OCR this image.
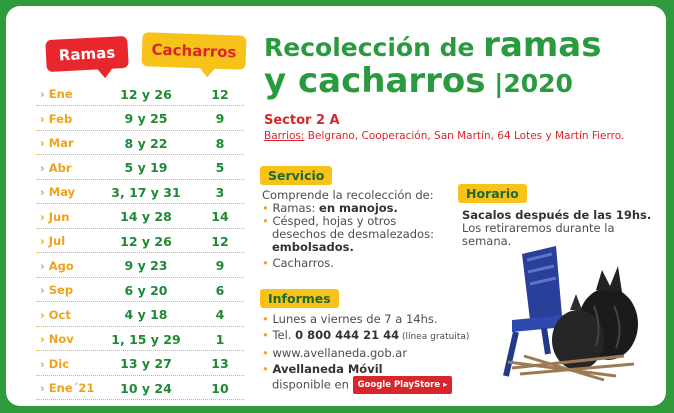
Ramas Cacharros
› Ene	12 y 26	12
› Feb	9 y 25	9
› Mar	8 y 22	8
› Abr	5 y 19	5
› May	3, 17 y 31	3
› Jun	14 y 28	14
› Jul	12 y 26	12
› Ago	9 y 23	9
› Sep	6 y 20	6
› Oct	4 y 18	4
› Nov	1, 15 y 29	1
› Dic	13 y 27	13
› Ene´21	10 y 24	10
Recolección de ramas
y cacharros |2020
Sector 2 A
Barrios: Belgrano, Cooperación, San Martín, 64 Lotes y Martín Fierro.
Servicio
Comprende la recolección de:
• Ramas: en manojos.
• Césped, hojas y otros
desechos de desmalezados:
embolsados.
• Cacharros.
Horario
Sacalos después de las 19hs.
Los retiraremos durante la
semana.
Informes
• Lunes a viernes de 7 a 14hs.
• Tel. 0 800 444 21 44 (línea gratuita)
• www.avellaneda.gob.ar
• Avellaneda Móvil
disponible en Google PlayStore ▸
